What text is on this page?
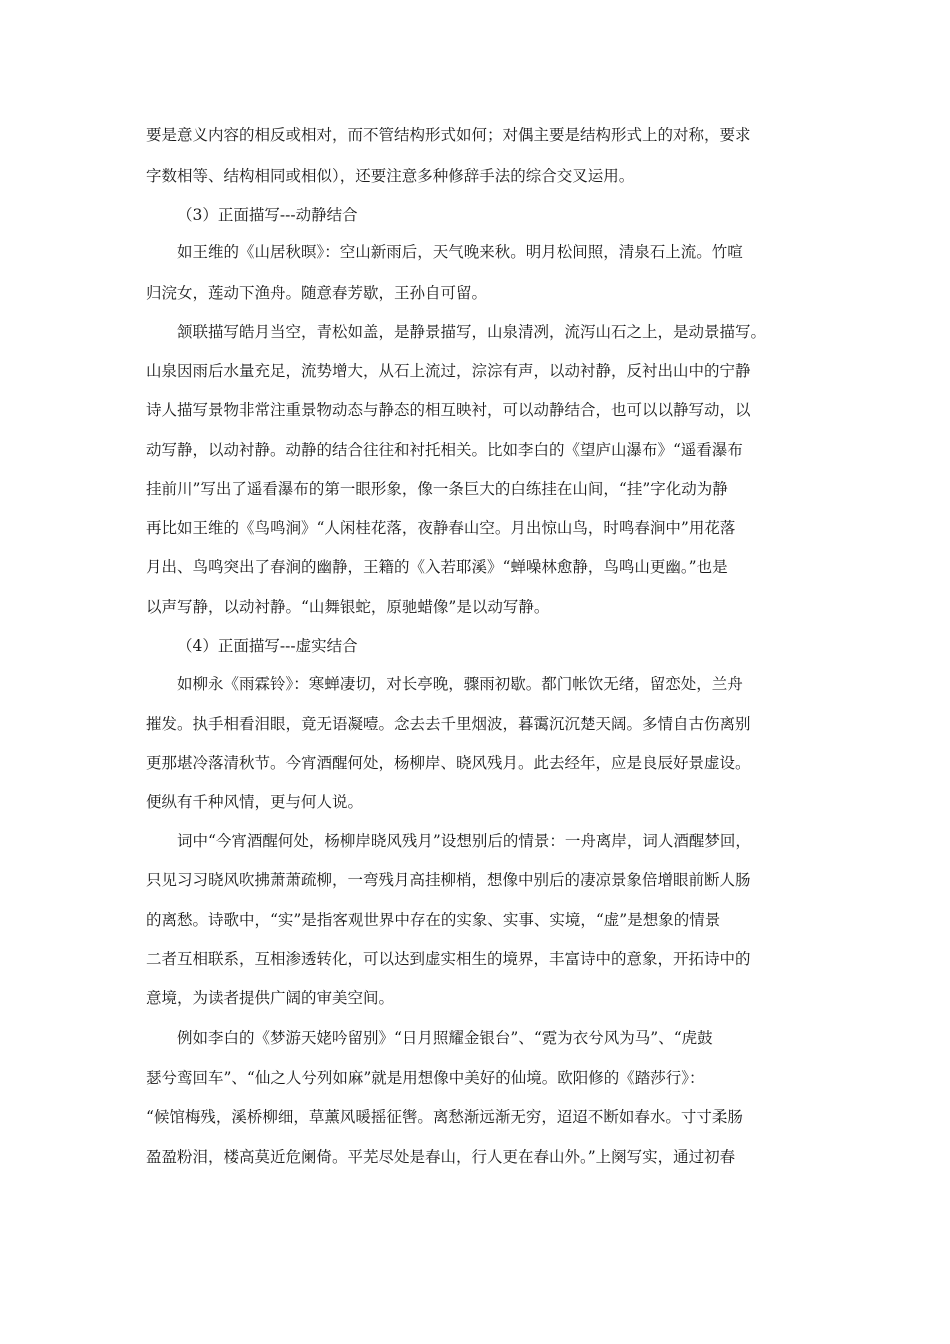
要是意义内容的相反或相对，而不管结构形式如何；对偶主要是结构形式上的对称，要求
字数相等、结构相同或相似），还要注意多种修辞手法的综合交叉运用。
（3）正面描写---动静结合
如王维的《山居秋暝》：空山新雨后，天气晚来秋。明月松间照，清泉石上流。竹喧
归浣女，莲动下渔舟。随意春芳歇，王孙自可留。
颔联描写皓月当空，青松如盖，是静景描写，山泉清冽，流泻山石之上，是动景描写。
山泉因雨后水量充足，流势增大，从石上流过，淙淙有声，以动衬静，反衬出山中的宁静
诗人描写景物非常注重景物动态与静态的相互映衬，可以动静结合，也可以以静写动，以
动写静，以动衬静。动静的结合往往和衬托相关。比如李白的《望庐山瀑布》“遥看瀑布
挂前川”写出了遥看瀑布的第一眼形象，像一条巨大的白练挂在山间，“挂”字化动为静
再比如王维的《鸟鸣涧》“人闲桂花落，夜静春山空。月出惊山鸟，时鸣春涧中”用花落
月出、鸟鸣突出了春涧的幽静，王籍的《入若耶溪》“蝉噪林愈静，鸟鸣山更幽。”也是
以声写静，以动衬静。“山舞银蛇，原驰蜡像”是以动写静。
（4）正面描写---虚实结合
如柳永《雨霖铃》：寒蝉凄切，对长亭晚，骤雨初歇。都门帐饮无绪，留恋处，兰舟
摧发。执手相看泪眼，竟无语凝噎。念去去千里烟波，暮霭沉沉楚天阔。多情自古伤离别
更那堪冷落清秋节。今宵酒醒何处，杨柳岸、晓风残月。此去经年，应是良辰好景虚设。
便纵有千种风情，更与何人说。
词中“今宵酒醒何处，杨柳岸晓风残月”设想别后的情景：一舟离岸，词人酒醒梦回，
只见习习晓风吹拂萧萧疏柳，一弯残月高挂柳梢，想像中别后的凄凉景象倍增眼前断人肠
的离愁。诗歌中，“实”是指客观世界中存在的实象、实事、实境，“虚”是想象的情景
二者互相联系，互相渗透转化，可以达到虚实相生的境界，丰富诗中的意象，开拓诗中的
意境，为读者提供广阔的审美空间。
例如李白的《梦游天姥吟留别》“日月照耀金银台”、“霓为衣兮风为马”、“虎鼓
瑟兮鸾回车”、“仙之人兮列如麻”就是用想像中美好的仙境。欧阳修的《踏莎行》：
“候馆梅残，溪桥柳细，草薰风暖摇征辔。离愁渐远渐无穷，迢迢不断如春水。寸寸柔肠
盈盈粉泪，楼高莫近危阑倚。平芜尽处是春山，行人更在春山外。”上阕写实，通过初春
